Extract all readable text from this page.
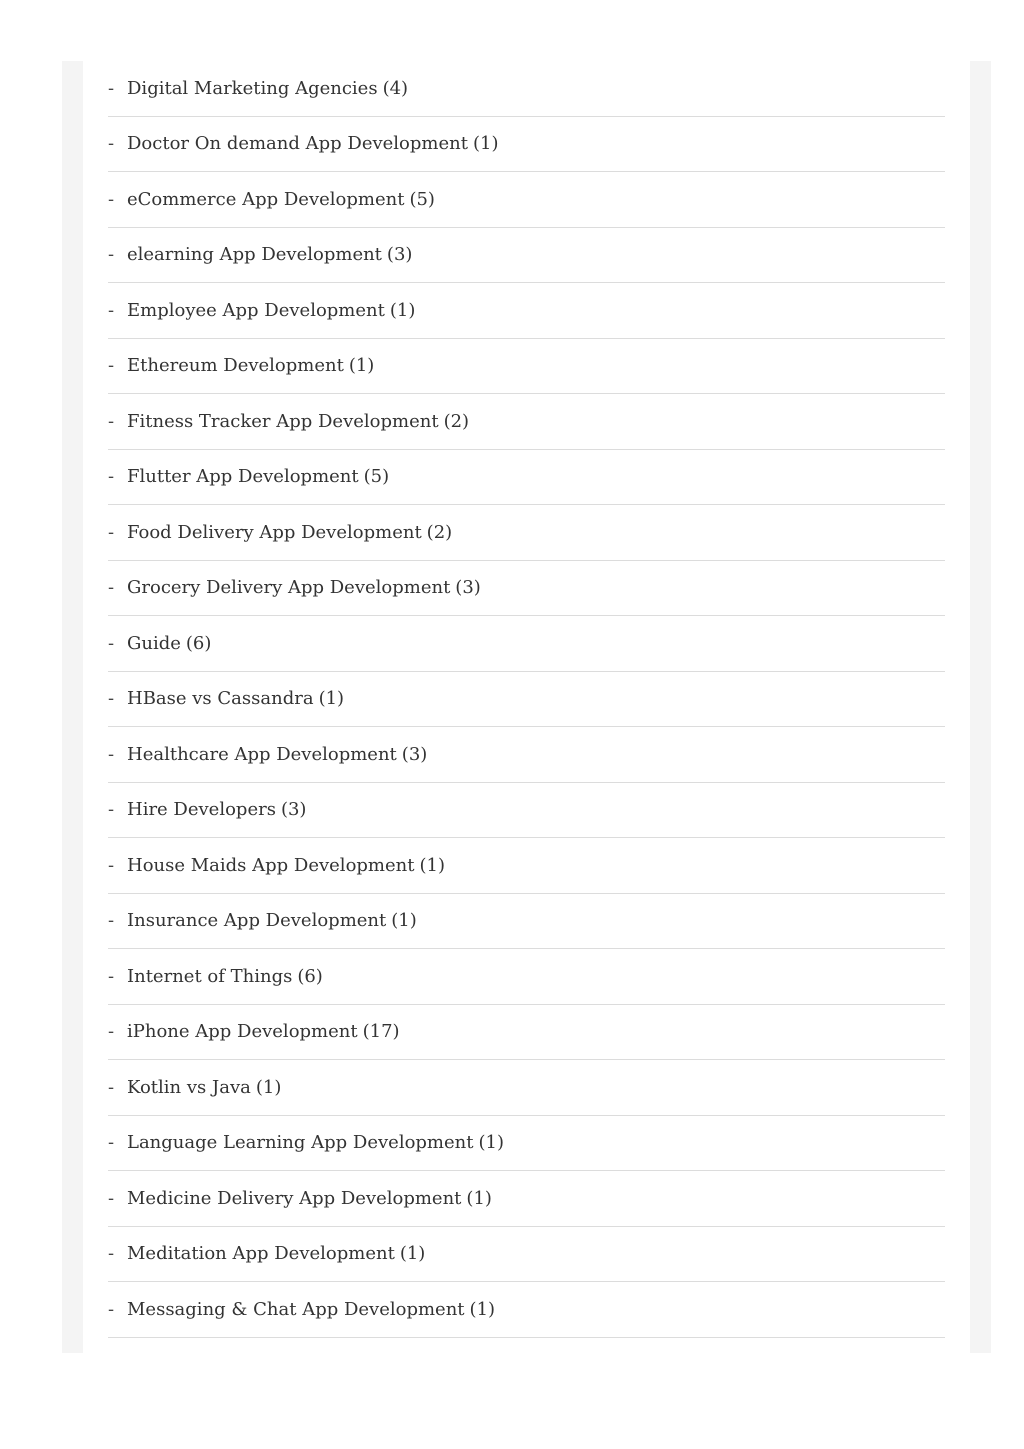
- Digital Marketing Agencies (4)
- Doctor On demand App Development (1)
- eCommerce App Development (5)
- elearning App Development (3)
- Employee App Development (1)
- Ethereum Development (1)
- Fitness Tracker App Development (2)
- Flutter App Development (5)
- Food Delivery App Development (2)
- Grocery Delivery App Development (3)
- Guide (6)
- HBase vs Cassandra (1)
- Healthcare App Development (3)
- Hire Developers (3)
- House Maids App Development (1)
- Insurance App Development (1)
- Internet of Things (6)
- iPhone App Development (17)
- Kotlin vs Java (1)
- Language Learning App Development (1)
- Medicine Delivery App Development (1)
- Meditation App Development (1)
- Messaging & Chat App Development (1)
